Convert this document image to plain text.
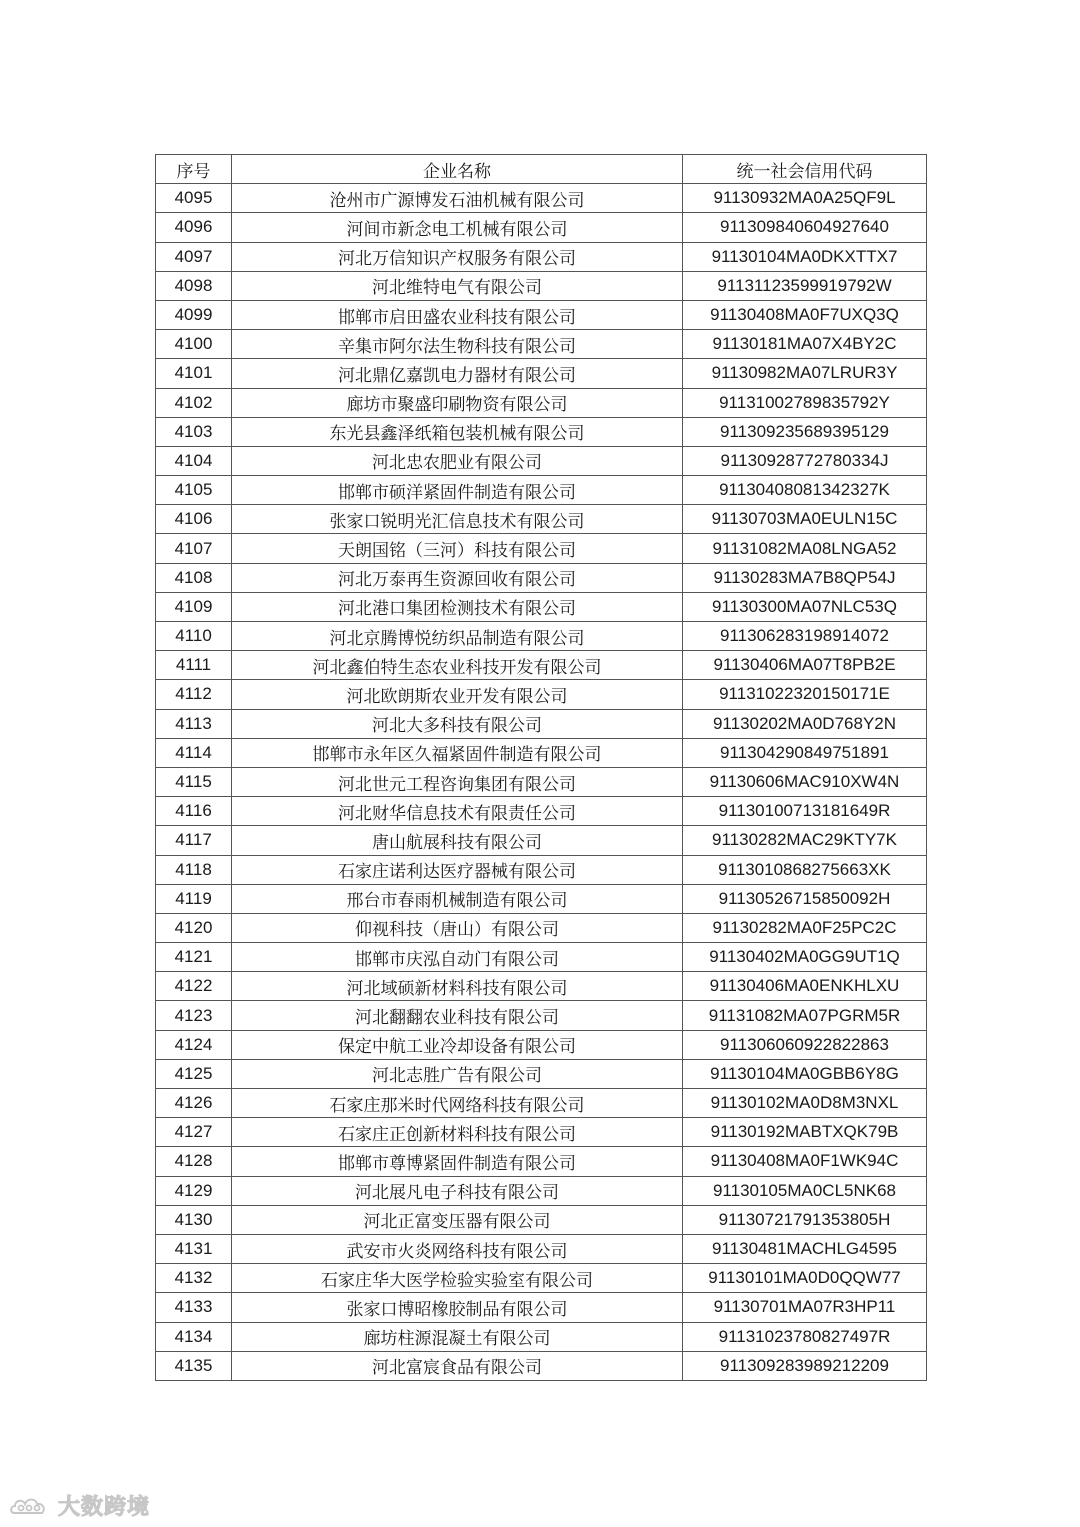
序号	企业名称	统一社会信用代码
4095	沧州市广源博发石油机械有限公司	91130932MA0A25QF9L
4096	河间市新念电工机械有限公司	911309840604927640
4097	河北万信知识产权服务有限公司	91130104MA0DKXTTX7
4098	河北维特电气有限公司	91131123599919792W
4099	邯郸市启田盛农业科技有限公司	91130408MA0F7UXQ3Q
4100	辛集市阿尔法生物科技有限公司	91130181MA07X4BY2C
4101	河北鼎亿嘉凯电力器材有限公司	91130982MA07LRUR3Y
4102	廊坊市聚盛印刷物资有限公司	91131002789835792Y
4103	东光县鑫泽纸箱包装机械有限公司	911309235689395129
4104	河北忠农肥业有限公司	91130928772780334J
4105	邯郸市硕洋紧固件制造有限公司	91130408081342327K
4106	张家口锐明光汇信息技术有限公司	91130703MA0EULN15C
4107	天朗国铭（三河）科技有限公司	91131082MA08LNGA52
4108	河北万泰再生资源回收有限公司	91130283MA7B8QP54J
4109	河北港口集团检测技术有限公司	91130300MA07NLC53Q
4110	河北京腾博悦纺织品制造有限公司	911306283198914072
4111	河北鑫伯特生态农业科技开发有限公司	91130406MA07T8PB2E
4112	河北欧朗斯农业开发有限公司	91131022320150171E
4113	河北大多科技有限公司	91130202MA0D768Y2N
4114	邯郸市永年区久福紧固件制造有限公司	911304290849751891
4115	河北世元工程咨询集团有限公司	91130606MAC910XW4N
4116	河北财华信息技术有限责任公司	9113010071318164​9R
4117	唐山航展科技有限公司	91130282MAC29KTY7K
4118	石家庄诺利达医疗器械有限公司	911301086827566​3XK
4119	邢台市春雨机械制造有限公司	91130526715850092H
4120	仰视科技（唐山）有限公司	91130282MA0F25PC2C
4121	邯郸市庆泓自动门有限公司	91130402MA0GG9UT1Q
4122	河北域硕新材料科技有限公司	91130406MA0ENKHLXU
4123	河北翻翻农业科技有限公司	91131082MA07PGRM5R
4124	保定中航工业冷却设备有限公司	911306060922822863
4125	河北志胜广告有限公司	91130104MA0GBB6Y8G
4126	石家庄那米时代网络科技有限公司	91130102MA0D8M3NXL
4127	石家庄正创新材料科技有限公司	91130192MABTXQK79B
4128	邯郸市尊博紧固件制造有限公司	91130408MA0F1WK94C
4129	河北展凡电子科技有限公司	91130105MA0CL5NK68
4130	河北正富变压器有限公司	91130721791353805H
4131	武安市火炎网络科技有限公司	91130481MACHLG4595
4132	石家庄华大医学检验实验室有限公司	91130101MA0D0QQW77
4133	张家口博昭橡胶制品有限公司	91130701MA07R3HP11
4134	廊坊柱源混凝土有限公司	91131023780827497R
4135	河北富宸食品有限公司	911309283989212209
大数跨境
